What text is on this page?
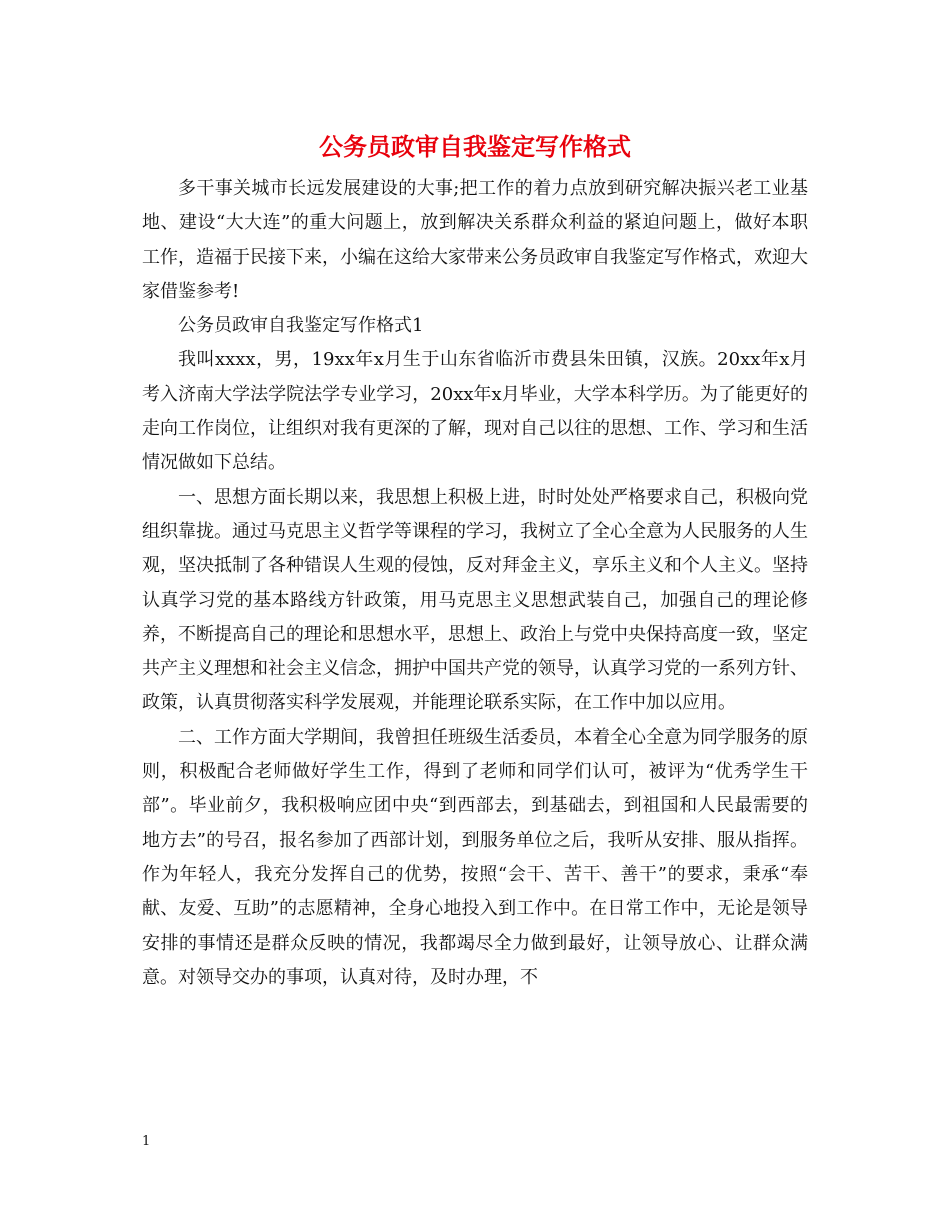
公务员政审自我鉴定写作格式

多干事关城市长远发展建设的大事;把工作的着力点放到研究解决振兴老工业基地、建设“大大连”的重大问题上，放到解决关系群众利益的紧迫问题上，做好本职工作，造福于民接下来，小编在这给大家带来公务员政审自我鉴定写作格式，欢迎大家借鉴参考!

公务员政审自我鉴定写作格式1

我叫xxxx，男，19xx年x月生于山东省临沂市费县朱田镇，汉族。20xx年x月考入济南大学法学院法学专业学习，20xx年x月毕业，大学本科学历。为了能更好的走向工作岗位，让组织对我有更深的了解，现对自己以往的思想、工作、学习和生活情况做如下总结。

一、思想方面长期以来，我思想上积极上进，时时处处严格要求自己，积极向党组织靠拢。通过马克思主义哲学等课程的学习，我树立了全心全意为人民服务的人生观，坚决抵制了各种错误人生观的侵蚀，反对拜金主义，享乐主义和个人主义。坚持认真学习党的基本路线方针政策，用马克思主义思想武装自己，加强自己的理论修养，不断提高自己的理论和思想水平，思想上、政治上与党中央保持高度一致，坚定共产主义理想和社会主义信念，拥护中国共产党的领导，认真学习党的一系列方针、政策，认真贯彻落实科学发展观，并能理论联系实际，在工作中加以应用。

二、工作方面大学期间，我曾担任班级生活委员，本着全心全意为同学服务的原则，积极配合老师做好学生工作，得到了老师和同学们认可，被评为“优秀学生干部”。毕业前夕，我积极响应团中央“到西部去，到基础去，到祖国和人民最需要的地方去”的号召，报名参加了西部计划，到服务单位之后，我听从安排、服从指挥。作为年轻人，我充分发挥自己的优势，按照“会干、苦干、善干”的要求，秉承“奉献、友爱、互助”的志愿精神，全身心地投入到工作中。在日常工作中，无论是领导安排的事情还是群众反映的情况，我都竭尽全力做到最好，让领导放心、让群众满意。对领导交办的事项，认真对待，及时办理，不

1
